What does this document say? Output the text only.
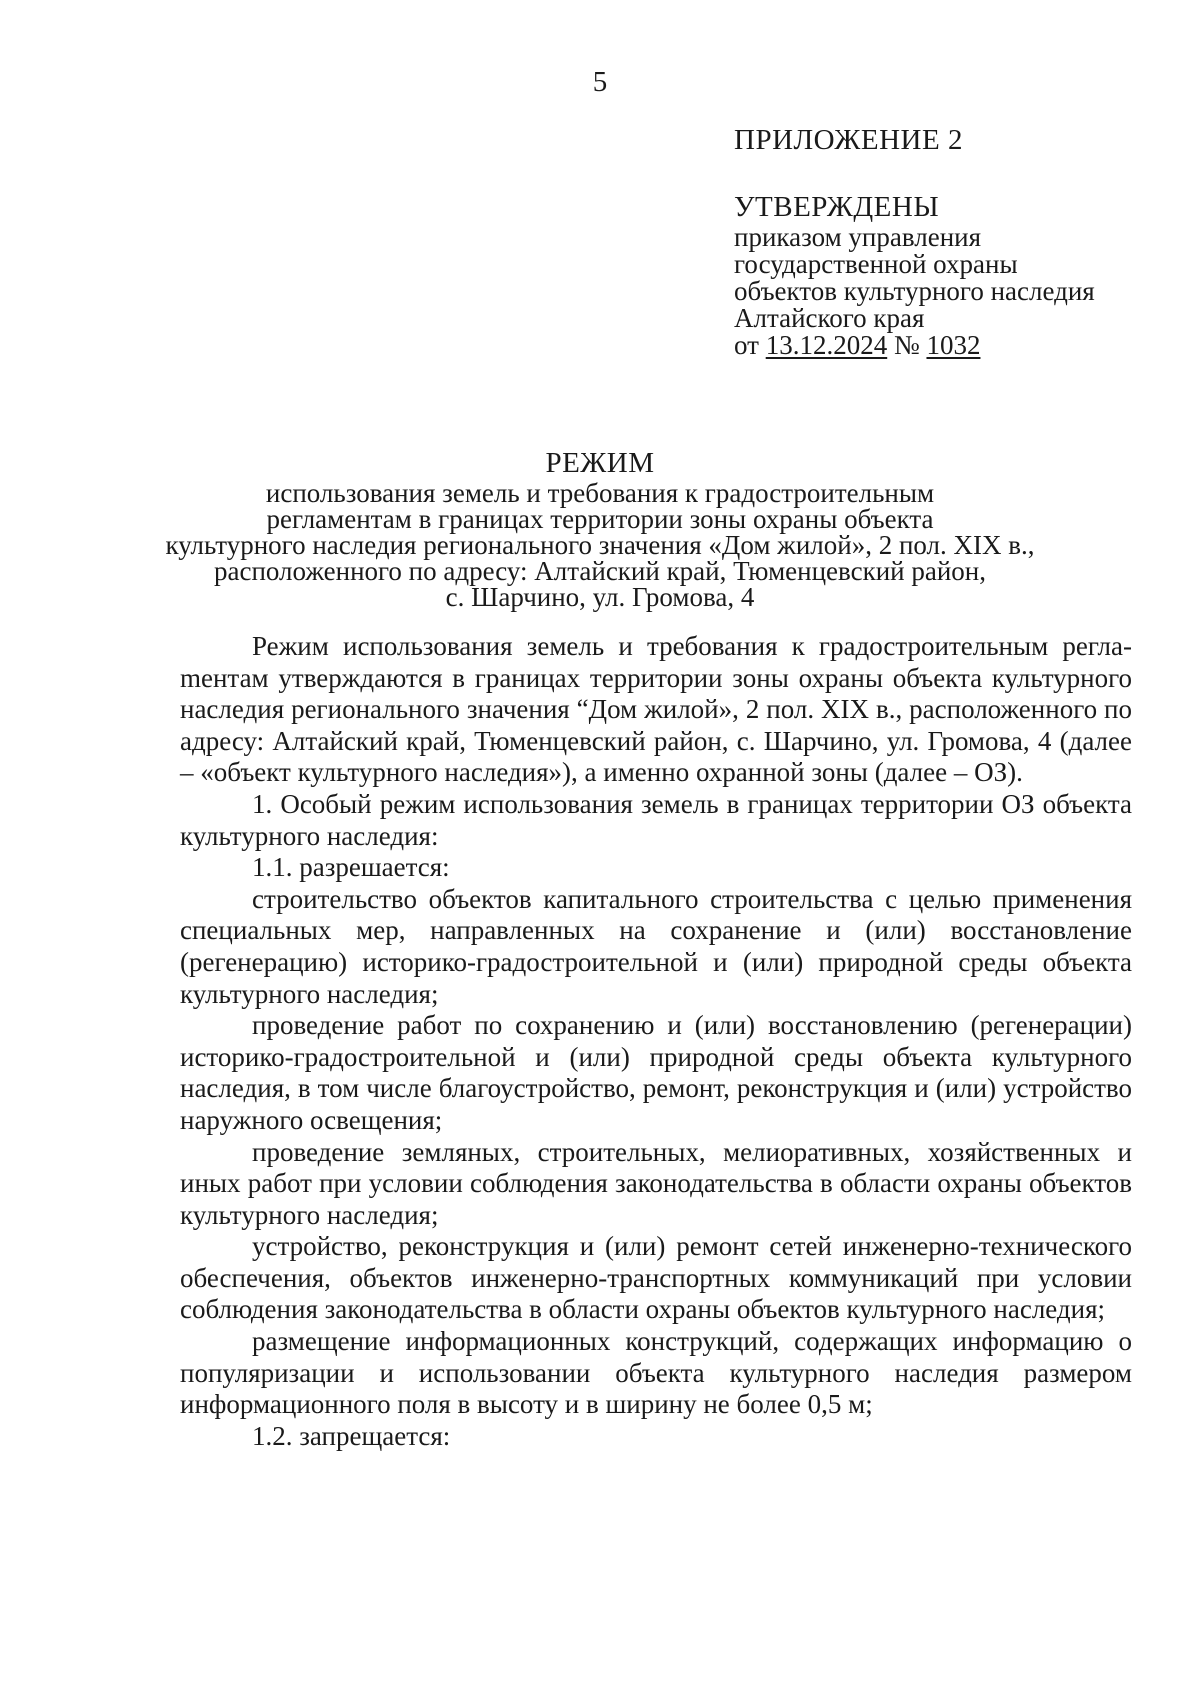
5
ПРИЛОЖЕНИЕ 2
УТВЕРЖДЕНЫ
приказом управления
государственной охраны
объектов культурного наследия
Алтайского края
от 13.12.2024 № 1032
РЕЖИМ
использования земель и требования к градостроительным
регламентам в границах территории зоны охраны объекта
культурного наследия регионального значения «Дом жилой», 2 пол. XIX в.,
расположенного по адресу: Алтайский край, Тюменцевский район,
с. Шарчино, ул. Громова, 4

Режим использования земель и требования к градостроительным реглаmентам утверждаются в границах территории зоны охраны объекта культурного наследия регионального значения “Дом жилой», 2 пол. XIX в., расположенного по адресу: Алтайский край, Тюменцевский район, с. Шарчино, ул. Громова, 4 (далее – «объект культурного наследия»), а именно охранной зоны (далее – ОЗ).

1. Особый режим использования земель в границах территории ОЗ объекта культурного наследия:

1.1. разрешается:

строительство объектов капитального строительства с целью применения специальных мер, направленных на сохранение и (или) восстановление (регенерацию) историко-градостроительной и (или) природной среды объекта культурного наследия;

проведение работ по сохранению и (или) восстановлению (регенерации) историко-градостроительной и (или) природной среды объекта культурного наследия, в том числе благоустройство, ремонт, реконструкция и (или) устройство наружного освещения;

проведение земляных, строительных, мелиоративных, хозяйственных и иных работ при условии соблюдения законодательства в области охраны объектов культурного наследия;

устройство, реконструкция и (или) ремонт сетей инженерно-технического обеспечения, объектов инженерно-транспортных коммуникаций при условии соблюдения законодательства в области охраны объектов культурного наследия;

размещение информационных конструкций, содержащих информацию о популяризации и использовании объекта культурного наследия размером информационного поля в высоту и в ширину не более 0,5 м;

1.2. запрещается:
